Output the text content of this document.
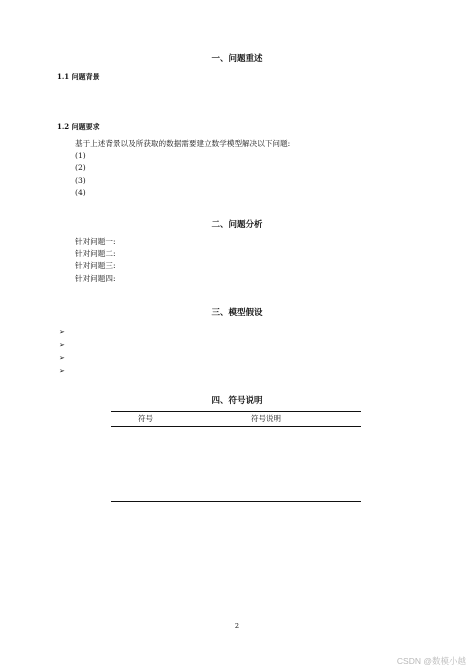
一、问题重述
1.1 问题背景
1.2 问题要求
基于上述背景以及所获取的数据需要建立数学模型解决以下问题:
(1)
(2)
(3)
(4)
二、问题分析
针对问题一:
针对问题二:
针对问题三:
针对问题四:
三、模型假设
➢
➢
➢
➢
四、符号说明
符号	符号说明
2
CSDN @数模小越
